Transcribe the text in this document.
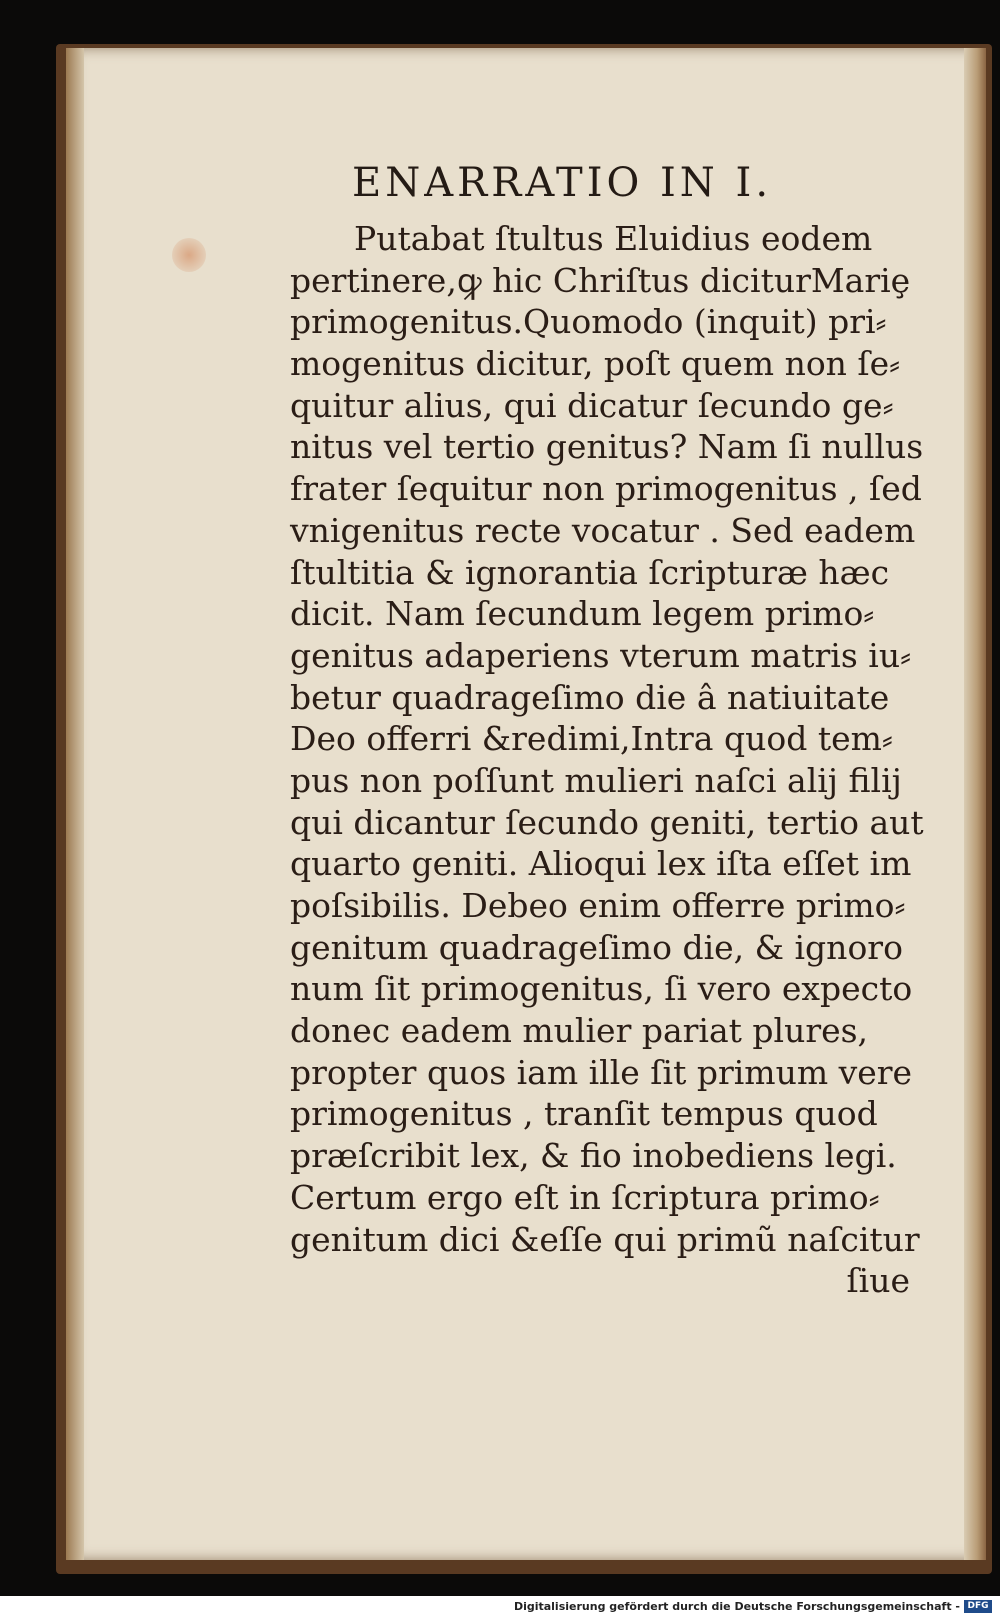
ENARRATIO IN I.
Putabat ſtultus Eluidius eodem
pertinere,ꝙ hic Chriſtus diciturMariȩ
primogenitus.Quomodo (inquit) pri⸗
mogenitus dicitur, poſt quem non ſe⸗
quitur alius, qui dicatur ſecundo ge⸗
nitus vel tertio genitus? Nam ſi nullus
frater ſequitur non primogenitus , ſed
vnigenitus recte vocatur . Sed eadem
ſtultitia & ignorantia ſcripturæ hæc
dicit. Nam ſecundum legem primo⸗
genitus adaperiens vterum matris iu⸗
betur quadrageſimo die â natiuitate
Deo offerri &redimi,Intra quod tem⸗
pus non poſſunt mulieri naſci alij filij
qui dicantur ſecundo geniti, tertio aut
quarto geniti. Alioqui lex iſta eſſet im
poſsibilis. Debeo enim offerre primo⸗
genitum quadrageſimo die, & ignoro
num ſit primogenitus, ſi vero expecto
donec eadem mulier pariat plures,
propter quos iam ille ſit primum vere
primogenitus , tranſit tempus quod
præſcribit lex, & fio inobediens legi.
Certum ergo eſt in ſcriptura primo⸗
genitum dici &eſſe qui primũ naſcitur
ſiue
Digitalisierung gefördert durch die Deutsche Forschungsgemeinschaft - DFG
